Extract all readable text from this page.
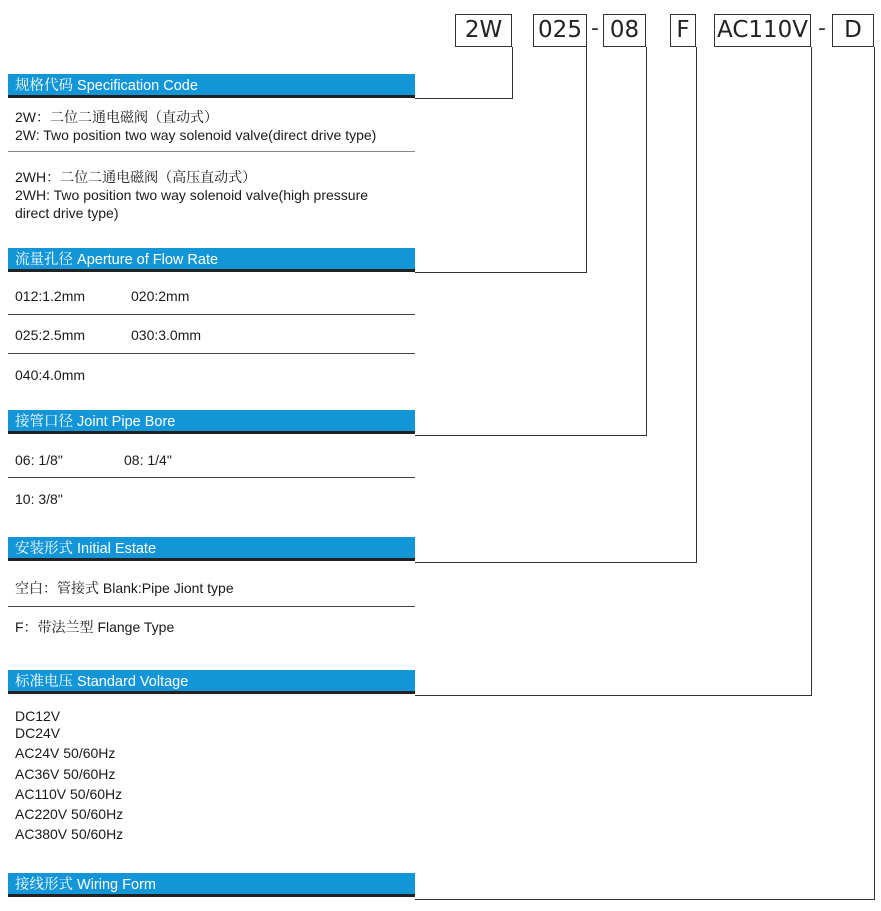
2W	025 - 08 F AC110V - D
规格代码 Specification Code
2W：二位二通电磁阀（直动式）
2W: Two position two way solenoid valve(direct drive type)
2WH：二位二通电磁阀（高压直动式）
2WH: Two position two way solenoid valve(high pressure
direct drive type)
流量孔径 Aperture of Flow Rate
012:1.2mm	020:2mm
025:2.5mm	030:3.0mm
040:4.0mm
接管口径 Joint Pipe Bore
06: 1/8"	08: 1/4"
10: 3/8"
安装形式 Initial Estate
空白：管接式 Blank:Pipe Jiont type
F：带法兰型 Flange Type
标准电压 Standard Voltage
DC12V
DC24V
AC24V 50/60Hz
AC36V 50/60Hz
AC110V 50/60Hz
AC220V 50/60Hz
AC380V 50/60Hz
接线形式 Wiring Form
